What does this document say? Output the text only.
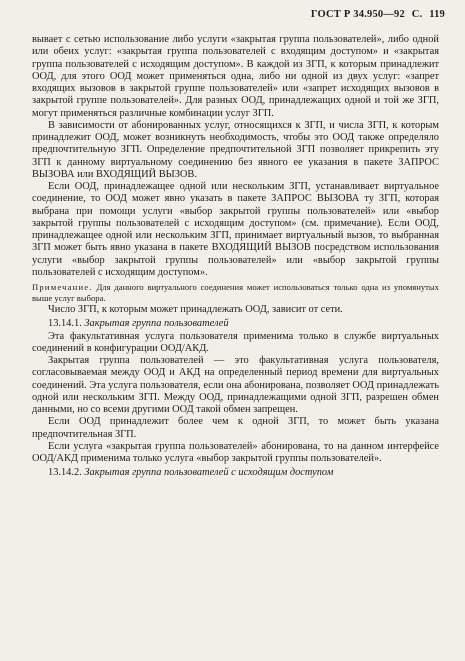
ГОСТ Р 34.950—92 С. 119

вывает с сетью использование либо услуги «закрытая группа пользователей», либо одной или обеих услуг: «закрытая группа пользователей с входящим доступом» и «закрытая группа пользователей с исходящим доступом». В каждой из ЗГП, к которым принадлежит ООД, для этого ООД может применяться одна, либо ни одной из двух услуг: «запрет входящих вызовов в закрытой группе пользователей» или «запрет исходящих вызовов в закрытой группе пользователей». Для разных ООД, принадлежащих одной и той же ЗГП, могут применяться различные комбинации услуг ЗГП.

В зависимости от абонированных услуг, относящихся к ЗГП, и числа ЗГП, к которым принадлежит ООД, может возникнуть необходимость, чтобы это ООД также определяло предпочтительную ЗГП. Определение предпочтительной ЗГП позволяет прикрепить эту ЗГП к данному виртуальному соединению без явного ее указания в пакете ЗАПРОС ВЫЗОВА или ВХОДЯЩИЙ ВЫЗОВ.

Если ООД, принадлежащее одной или нескольким ЗГП, устанавливает виртуальное соединение, то ООД может явно указать в пакете ЗАПРОС ВЫЗОВА ту ЗГП, которая выбрана при помощи услуги «выбор закрытой группы пользователей» или «выбор закрытой группы пользователей с исходящим доступом» (см. примечание). Если ООД, принадлежащее одной или нескольким ЗГП, принимает виртуальный вызов, то выбранная ЗГП может быть явно указана в пакете ВХОДЯЩИЙ ВЫЗОВ посредством использования услуги «выбор закрытой группы пользователей» или «выбор закрытой группы пользователей с исходящим доступом».

Примечание. Для данного виртуального соединения может использоваться только одна из упомянутых выше услуг выбора.

Число ЗГП, к которым может принадлежать ООД, зависит от сети.

13.14.1. Закрытая группа пользователей

Эта факультативная услуга пользователя применима только в службе виртуальных соединений в конфигурации ООД/АКД.

Закрытая группа пользователей — это факультативная услуга пользователя, согласовываемая между ООД и АКД на определенный период времени для виртуальных соединений. Эта услуга пользователя, если она абонирована, позволяет ООД принадлежать одной или нескольким ЗГП. Между ООД, принадлежащими одной ЗГП, разрешен обмен данными, но со всеми другими ООД такой обмен запрещен.

Если ООД принадлежит более чем к одной ЗГП, то может быть указана предпочтительная ЗГП.

Если услуга «закрытая группа пользователей» абонирована, то на данном интерфейсе ООД/АКД применима только услуга «выбор закрытой группы пользователей».

13.14.2. Закрытая группа пользователей с исходящим доступом
